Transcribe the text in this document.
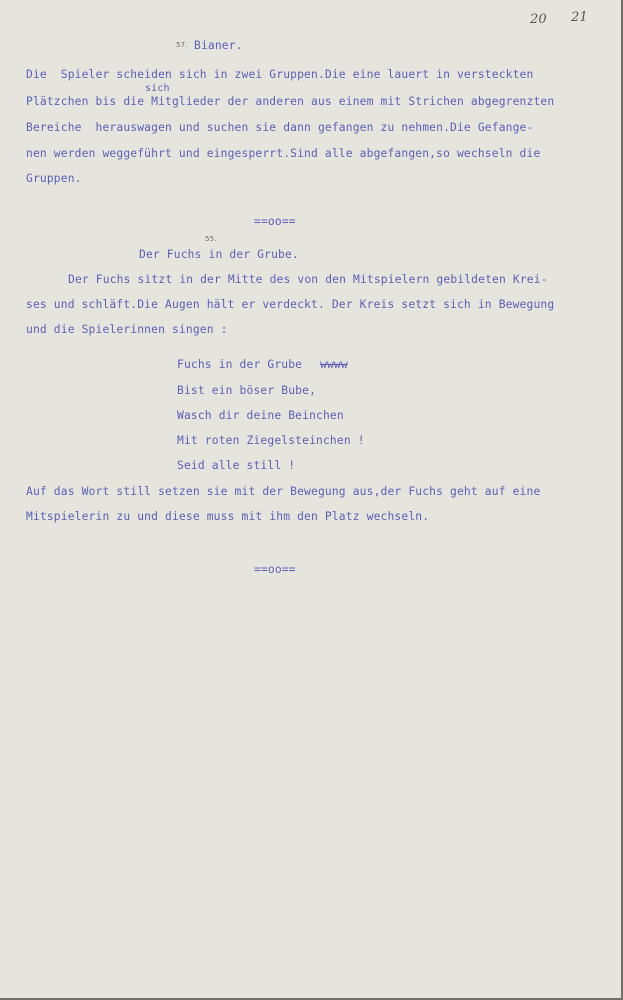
20 21
57. Bianer.
sich
Die  Spieler scheiden sich in zwei Gruppen.Die eine lauert in versteckten
Plätzchen bis die Mitglieder der anderen aus einem mit Strichen abgegrenzten
Bereiche  herauswagen und suchen sie dann gefangen zu nehmen.Die Gefange-
nen werden weggeführt und eingesperrt.Sind alle abgefangen,so wechseln die
Gruppen.
==oo==
55.
Der Fuchs in der Grube.
Der Fuchs sitzt in der Mitte des von den Mitspielern gebildeten Krei-
ses und schläft.Die Augen hält er verdeckt. Der Kreis setzt sich in Bewegung
und die Spielerinnen singen :
Fuchs in der Grube wwww
Bist ein böser Bube,
Wasch dir deine Beinchen
Mit roten Ziegelsteinchen !
Seid alle still !
Auf das Wort still setzen sie mit der Bewegung aus,der Fuchs geht auf eine
Mitspielerin zu und diese muss mit ihm den Platz wechseln.
==oo==
